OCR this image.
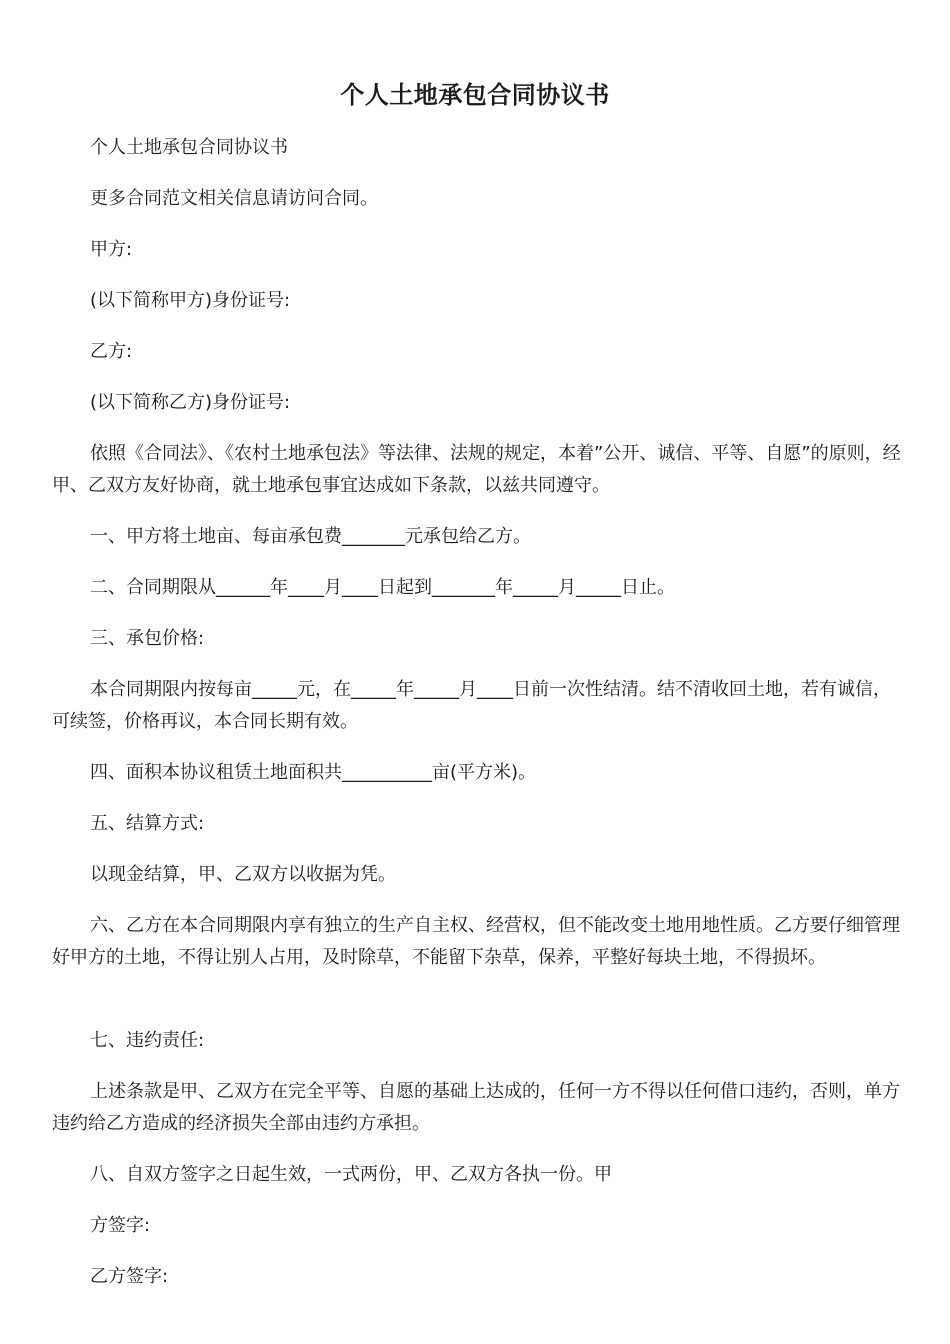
个人土地承包合同协议书
个人土地承包合同协议书
更多合同范文相关信息请访问合同。
甲方:
(以下简称甲方)身份证号:
乙方:
(以下简称乙方)身份证号:
依照《合同法》、《农村土地承包法》等法律、法规的规定，本着”公开、诚信、平等、自愿”的原则，经甲、乙双方友好协商，就土地承包事宜达成如下条款，以兹共同遵守。
一、甲方将土地亩、每亩承包费_______元承包给乙方。
二、合同期限从______年____月____日起到_______年_____月_____日止。
三、承包价格:
本合同期限内按每亩_____元，在_____年_____月____日前一次性结清。结不清收回土地，若有诚信，可续签，价格再议，本合同长期有效。
四、面积本协议租赁土地面积共__________亩(平方米)。
五、结算方式:
以现金结算，甲、乙双方以收据为凭。
六、乙方在本合同期限内享有独立的生产自主权、经营权，但不能改变土地用地性质。乙方要仔细管理好甲方的土地，不得让别人占用，及时除草，不能留下杂草，保养，平整好每块土地，不得损坏。
七、违约责任:
上述条款是甲、乙双方在完全平等、自愿的基础上达成的，任何一方不得以任何借口违约，否则，单方违约给乙方造成的经济损失全部由违约方承担。
八、自双方签字之日起生效，一式两份，甲、乙双方各执一份。甲
方签字:
乙方签字:
